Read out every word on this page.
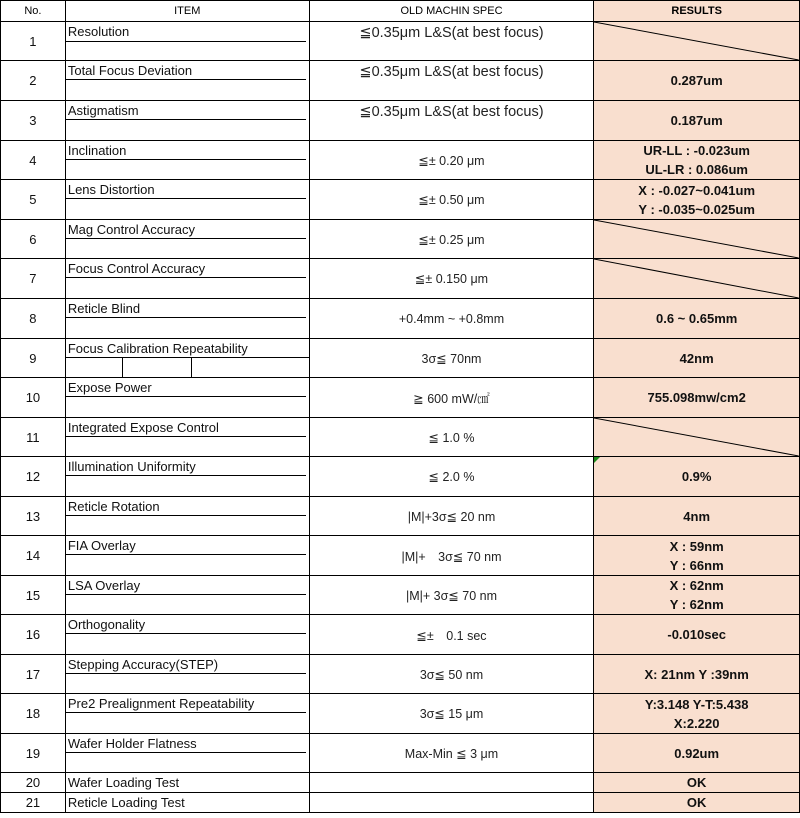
No.	ITEM	OLD MACHIN SPEC	RESULTS
1	Resolution	≦0.35μm L&S(at best focus)	

2	Total Focus Deviation	≦0.35μm L&S(at best focus)	0.287um

3	Astigmatism	≦0.35μm L&S(at best focus)	0.187um

4	Inclination	≦± 0.20 μm	UR-LL : -0.023um
UL-LR : 0.086um

5	Lens Distortion	≦± 0.50 μm	X : -0.027~0.041um
Y : -0.035~0.025um

6	Mag Control Accuracy	≦± 0.25 μm	

7	Focus Control Accuracy	≦± 0.150 μm	

8	Reticle Blind	+0.4mm ~ +0.8mm	0.6 ~ 0.65mm

9	Focus Calibration Repeatability	3σ≦ 70nm	42nm

10	Expose Power	≧ 600 mW/㎠	755.098mw/cm2

11	Integrated Expose Control	≦ 1.0 %	

12	Illumination Uniformity	≦ 2.0 %	0.9%

13	Reticle Rotation	|M|+3σ≦ 20 nm	4nm

14	FIA Overlay	|M|+　3σ≦ 70 nm	X : 59nm
Y : 66nm

15	LSA Overlay	|M|+ 3σ≦ 70 nm	X : 62nm
Y : 62nm

16	Orthogonality	≦±　0.1 sec	-0.010sec

17	Stepping Accuracy(STEP)	3σ≦ 50 nm	X: 21nm Y :39nm

18	Pre2 Prealignment Repeatability	3σ≦ 15 μm	Y:3.148 Y-T:5.438
X:2.220

19	Wafer Holder Flatness	Max-Min ≦ 3 μm	0.92um

20	Wafer Loading Test		OK

21	Reticle Loading Test		OK
